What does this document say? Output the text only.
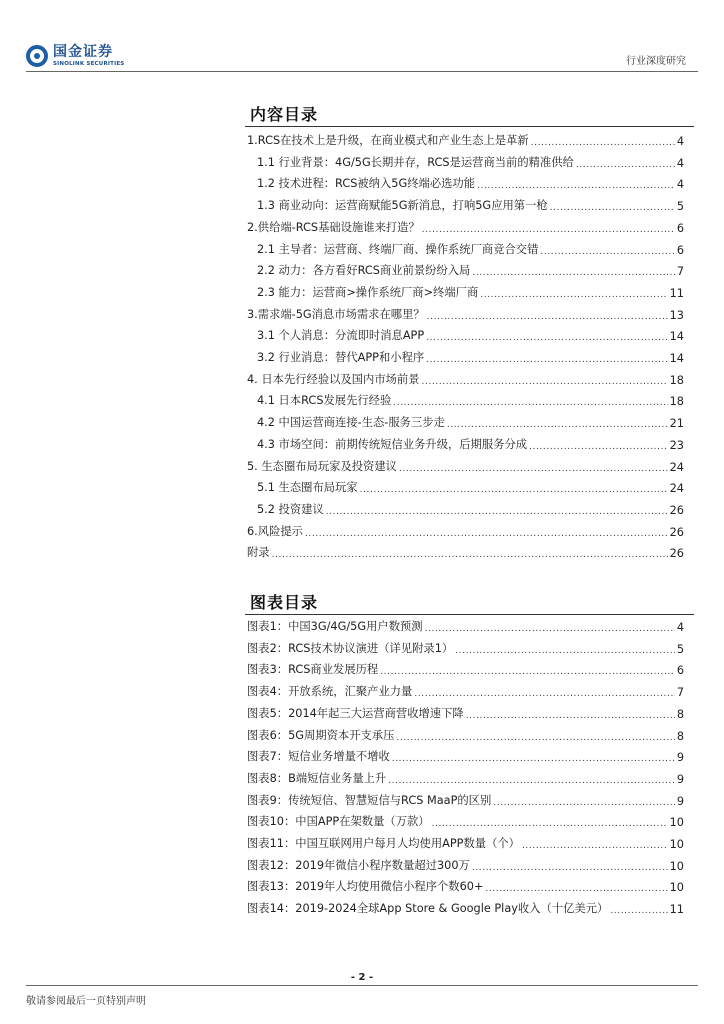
国金证券
SINOLINK SECURITIES	行业深度研究
内容目录
1.RCS在技术上是升级，在商业模式和产业生态上是革新 .....	4
1.1 行业背景：4G/5G长期并存，RCS是运营商当前的精准供给 .....	4
1.2 技术进程：RCS被纳入5G终端必选功能 .....	4
1.3 商业动向：运营商赋能5G新消息，打响5G应用第一枪 .....	5
2.供给端-RCS基础设施谁来打造？ .....	6
2.1 主导者：运营商、终端厂商、操作系统厂商竞合交错 .....	6
2.2 动力：各方看好RCS商业前景纷纷入局 .....	7
2.3 能力：运营商>操作系统厂商>终端厂商 .....	11
3.需求端-5G消息市场需求在哪里？ .....	13
3.1 个人消息：分流即时消息APP .....	14
3.2 行业消息：替代APP和小程序 .....	14
4. 日本先行经验以及国内市场前景 .....	18
4.1 日本RCS发展先行经验 .....	18
4.2 中国运营商连接-生态-服务三步走 .....	21
4.3 市场空间：前期传统短信业务升级，后期服务分成 .....	23
5. 生态圈布局玩家及投资建议 .....	24
5.1 生态圈布局玩家 .....	24
5.2 投资建议 .....	26
6.风险提示 .....	26
附录 .....	26
图表目录
图表1：中国3G/4G/5G用户数预测 .....	4
图表2：RCS技术协议演进（详见附录1） .....	5
图表3：RCS商业发展历程 .....	6
图表4：开放系统，汇聚产业力量 .....	7
图表5：2014年起三大运营商营收增速下降 .....	8
图表6：5G周期资本开支承压 .....	8
图表7：短信业务增量不增收 .....	9
图表8：B端短信业务量上升 .....	9
图表9：传统短信、智慧短信与RCS MaaP的区别 .....	9
图表10：中国APP在架数量（万款） .....	10
图表11：中国互联网用户每月人均使用APP数量（个） .....	10
图表12：2019年微信小程序数量超过300万 .....	10
图表13：2019年人均使用微信小程序个数60+ .....	10
图表14：2019-2024全球App Store & Google Play收入（十亿美元） .....	11
- 2 -
敬请参阅最后一页特别声明
